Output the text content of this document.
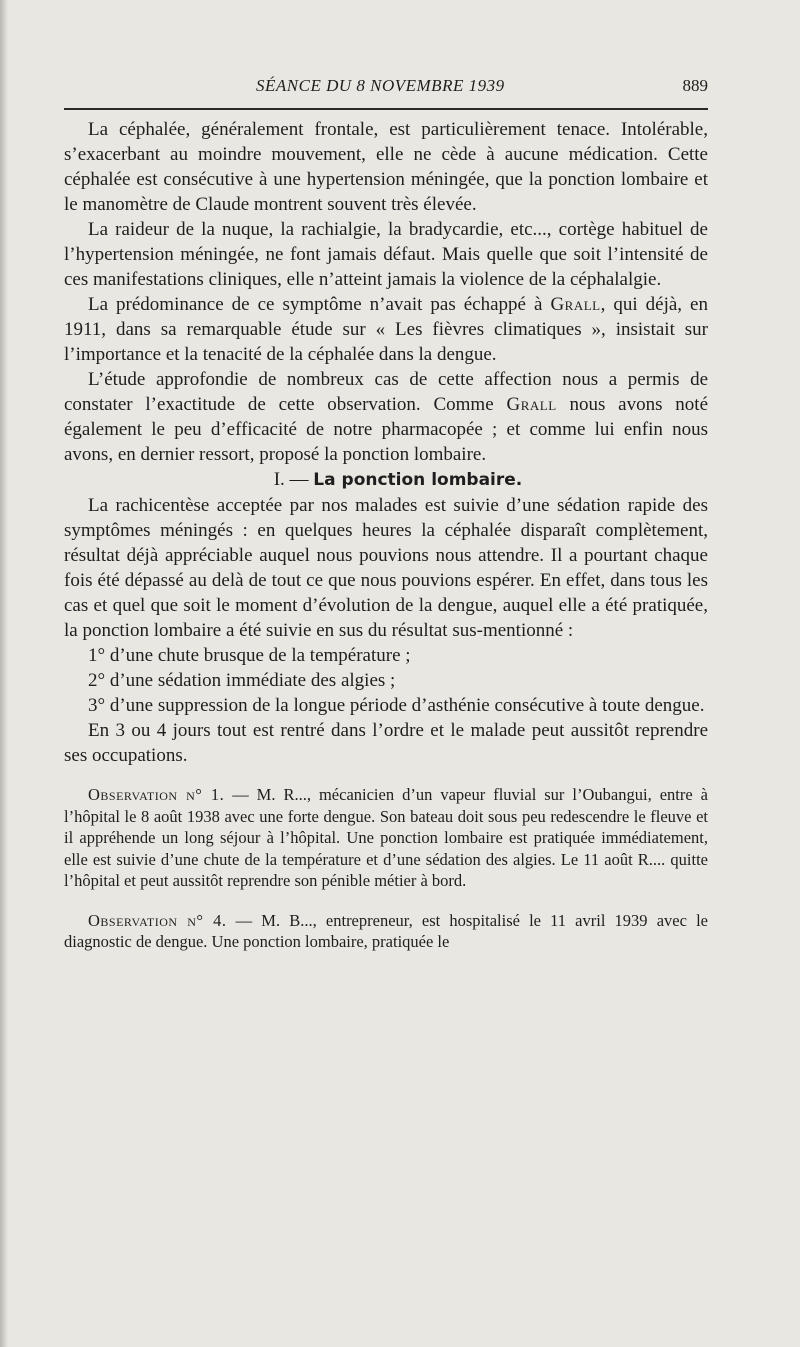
SÉANCE DU 8 NOVEMBRE 1939	889

La céphalée, généralement frontale, est particulièrement tenace. Intolérable, s’exacerbant au moindre mouvement, elle ne cède à aucune médication. Cette céphalée est consécutive à une hypertension méningée, que la ponction lombaire et le manomètre de Claude montrent souvent très élevée.

La raideur de la nuque, la rachialgie, la bradycardie, etc..., cortège habituel de l’hypertension méningée, ne font jamais défaut. Mais quelle que soit l’intensité de ces manifestations cliniques, elle n’atteint jamais la violence de la céphalalgie.

La prédominance de ce symptôme n’avait pas échappé à Grall, qui déjà, en 1911, dans sa remarquable étude sur « Les fièvres climatiques », insistait sur l’importance et la tenacité de la céphalée dans la dengue.

L’étude approfondie de nombreux cas de cette affection nous a permis de constater l’exactitude de cette observation. Comme Grall nous avons noté également le peu d’efficacité de notre pharmacopée ; et comme lui enfin nous avons, en dernier ressort, proposé la ponction lombaire.

I. — La ponction lombaire.

La rachicentèse acceptée par nos malades est suivie d’une sédation rapide des symptômes méningés : en quelques heures la céphalée disparaît complètement, résultat déjà appréciable auquel nous pouvions nous attendre. Il a pourtant chaque fois été dépassé au delà de tout ce que nous pouvions espérer. En effet, dans tous les cas et quel que soit le moment d’évolution de la dengue, auquel elle a été pratiquée, la ponction lombaire a été suivie en sus du résultat sus-mentionné :

1° d’une chute brusque de la température ;

2° d’une sédation immédiate des algies ;

3° d’une suppression de la longue période d’asthénie consécutive à toute dengue.

En 3 ou 4 jours tout est rentré dans l’ordre et le malade peut aussitôt reprendre ses occupations.

Observation n° 1. — M. R..., mécanicien d’un vapeur fluvial sur l’Oubangui, entre à l’hôpital le 8 août 1938 avec une forte dengue. Son bateau doit sous peu redescendre le fleuve et il appréhende un long séjour à l’hôpital. Une ponction lombaire est pratiquée immédiatement, elle est suivie d’une chute de la température et d’une sédation des algies. Le 11 août R.... quitte l’hôpital et peut aussitôt reprendre son pénible métier à bord.

Observation n° 4. — M. B..., entrepreneur, est hospitalisé le 11 avril 1939 avec le diagnostic de dengue. Une ponction lombaire, pratiquée le
